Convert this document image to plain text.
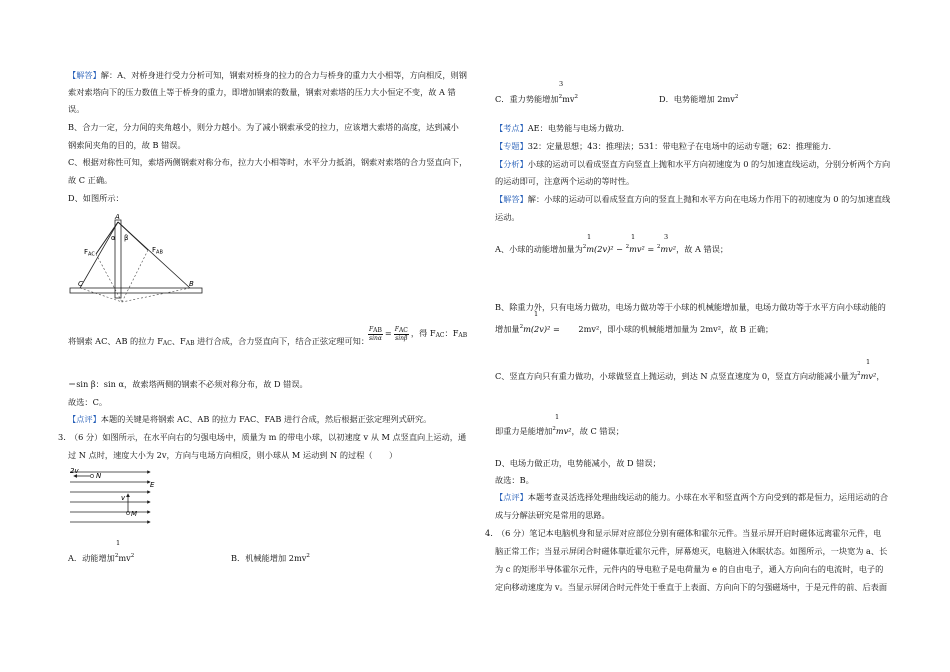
【解答】解：A、对桥身进行受力分析可知，钢索对桥身的拉力的合力与桥身的重力大小相等，方向相反，则钢
索对索塔向下的压力数值上等于桥身的重力，即增加钢索的数量，钢索对索塔的压力大小恒定不变，故 A 错
误。
B、合力一定，分力间的夹角越小，则分力越小。为了减小钢索承受的拉力，应该增大索塔的高度，达到减小
钢索间夹角的目的，故 B 错误。
C、根据对称性可知，索塔两侧钢索对称分布，拉力大小相等时，水平分力抵消，钢索对索塔的合力竖直向下，
故 C 正确。
D、如图所示：
A
α β
$F_{AC}$
$F_{AB}$
C	B
将钢索 AC、AB 的拉力 FAC、FAB 进行合成，合力竖直向下，结合正弦定理可知：
$\frac{\text{FAB}}{\sin\alpha} = \frac{\text{FAC}}{\sin\beta}$ ，得 FAC：FAB
＝sin β：sin α，故索塔两侧的钢索不必须对称分布，故 D 错误。
故选：C。
【点评】本题的关键是将钢索 AC、AB 的拉力 FAC、FAB 进行合成，然后根据正弦定理列式研究。
3.　（6 分）如图所示，在水平向右的匀强电场中，质量为 m 的带电小球，以初速度 v 从 M 点竖直向上运动，通
过 N 点时，速度大小为 2v，方向与电场方向相反，则小球从 M 运动到 N 的过程（　　）
2v
N
E
v
M
1
A．动能增加$^2mv^2$	B．机械能增加 $2mv^2$
3
C．重力势能增加$^2mv^2$	D．电势能增加 $2mv^2$
【考点】AE：电势能与电场力做功．
【专题】32：定量思想；43：推理法；531：带电粒子在电场中的运动专题；62：推理能力．
【分析】小球的运动可以看成竖直方向竖直上抛和水平方向初速度为 0 的匀加速直线运动，分别分析两个方向
的运动即可，注意两个运动的等时性。
【解答】解：小球的运动可以看成竖直方向的竖直上抛和水平方向在电场力作用下的初速度为 0 的匀加速直线
运动。
1	1	3
A、小球的动能增加量为$^2$m(2v)² − $^2$mv² = $^2$mv²，故 A 错误；
B、除重力外，只有电场力做功，电场力做功等于小球的机械能增加量，电场力做功等于水平方向小球动能的
1
增加量$^2$m(2v)² = 2mv²，即小球的机械能增加量为 2mv²，故 B 正确；
1
C、竖直方向只有重力做功，小球做竖直上抛运动，到达 N 点竖直速度为 0，竖直方向动能减小量为$^2$mv²，
1
即重力是能增加$^2$mv²，故 C 错误；
D、电场力做正功，电势能减小，故 D 错误；
故选：B。
【点评】本题考查灵活选择处理曲线运动的能力。小球在水平和竖直两个方向受到的都是恒力，运用运动的合
成与分解法研究是常用的思路。
4.　（6 分）笔记本电脑机身和显示屏对应部位分别有磁体和霍尔元件。当显示屏开启时磁体远离霍尔元件，电
脑正常工作；当显示屏闭合时磁体靠近霍尔元件，屏幕熄灭，电脑进入休眠状态。如图所示，一块宽为 a、长
为 c 的矩形半导体霍尔元件，元件内的导电粒子是电荷量为 e 的自由电子，通入方向向右的电流时，电子的
定向移动速度为 v。当显示屏闭合时元件处于垂直于上表面、方向向下的匀强磁场中，于是元件的前、后表面
